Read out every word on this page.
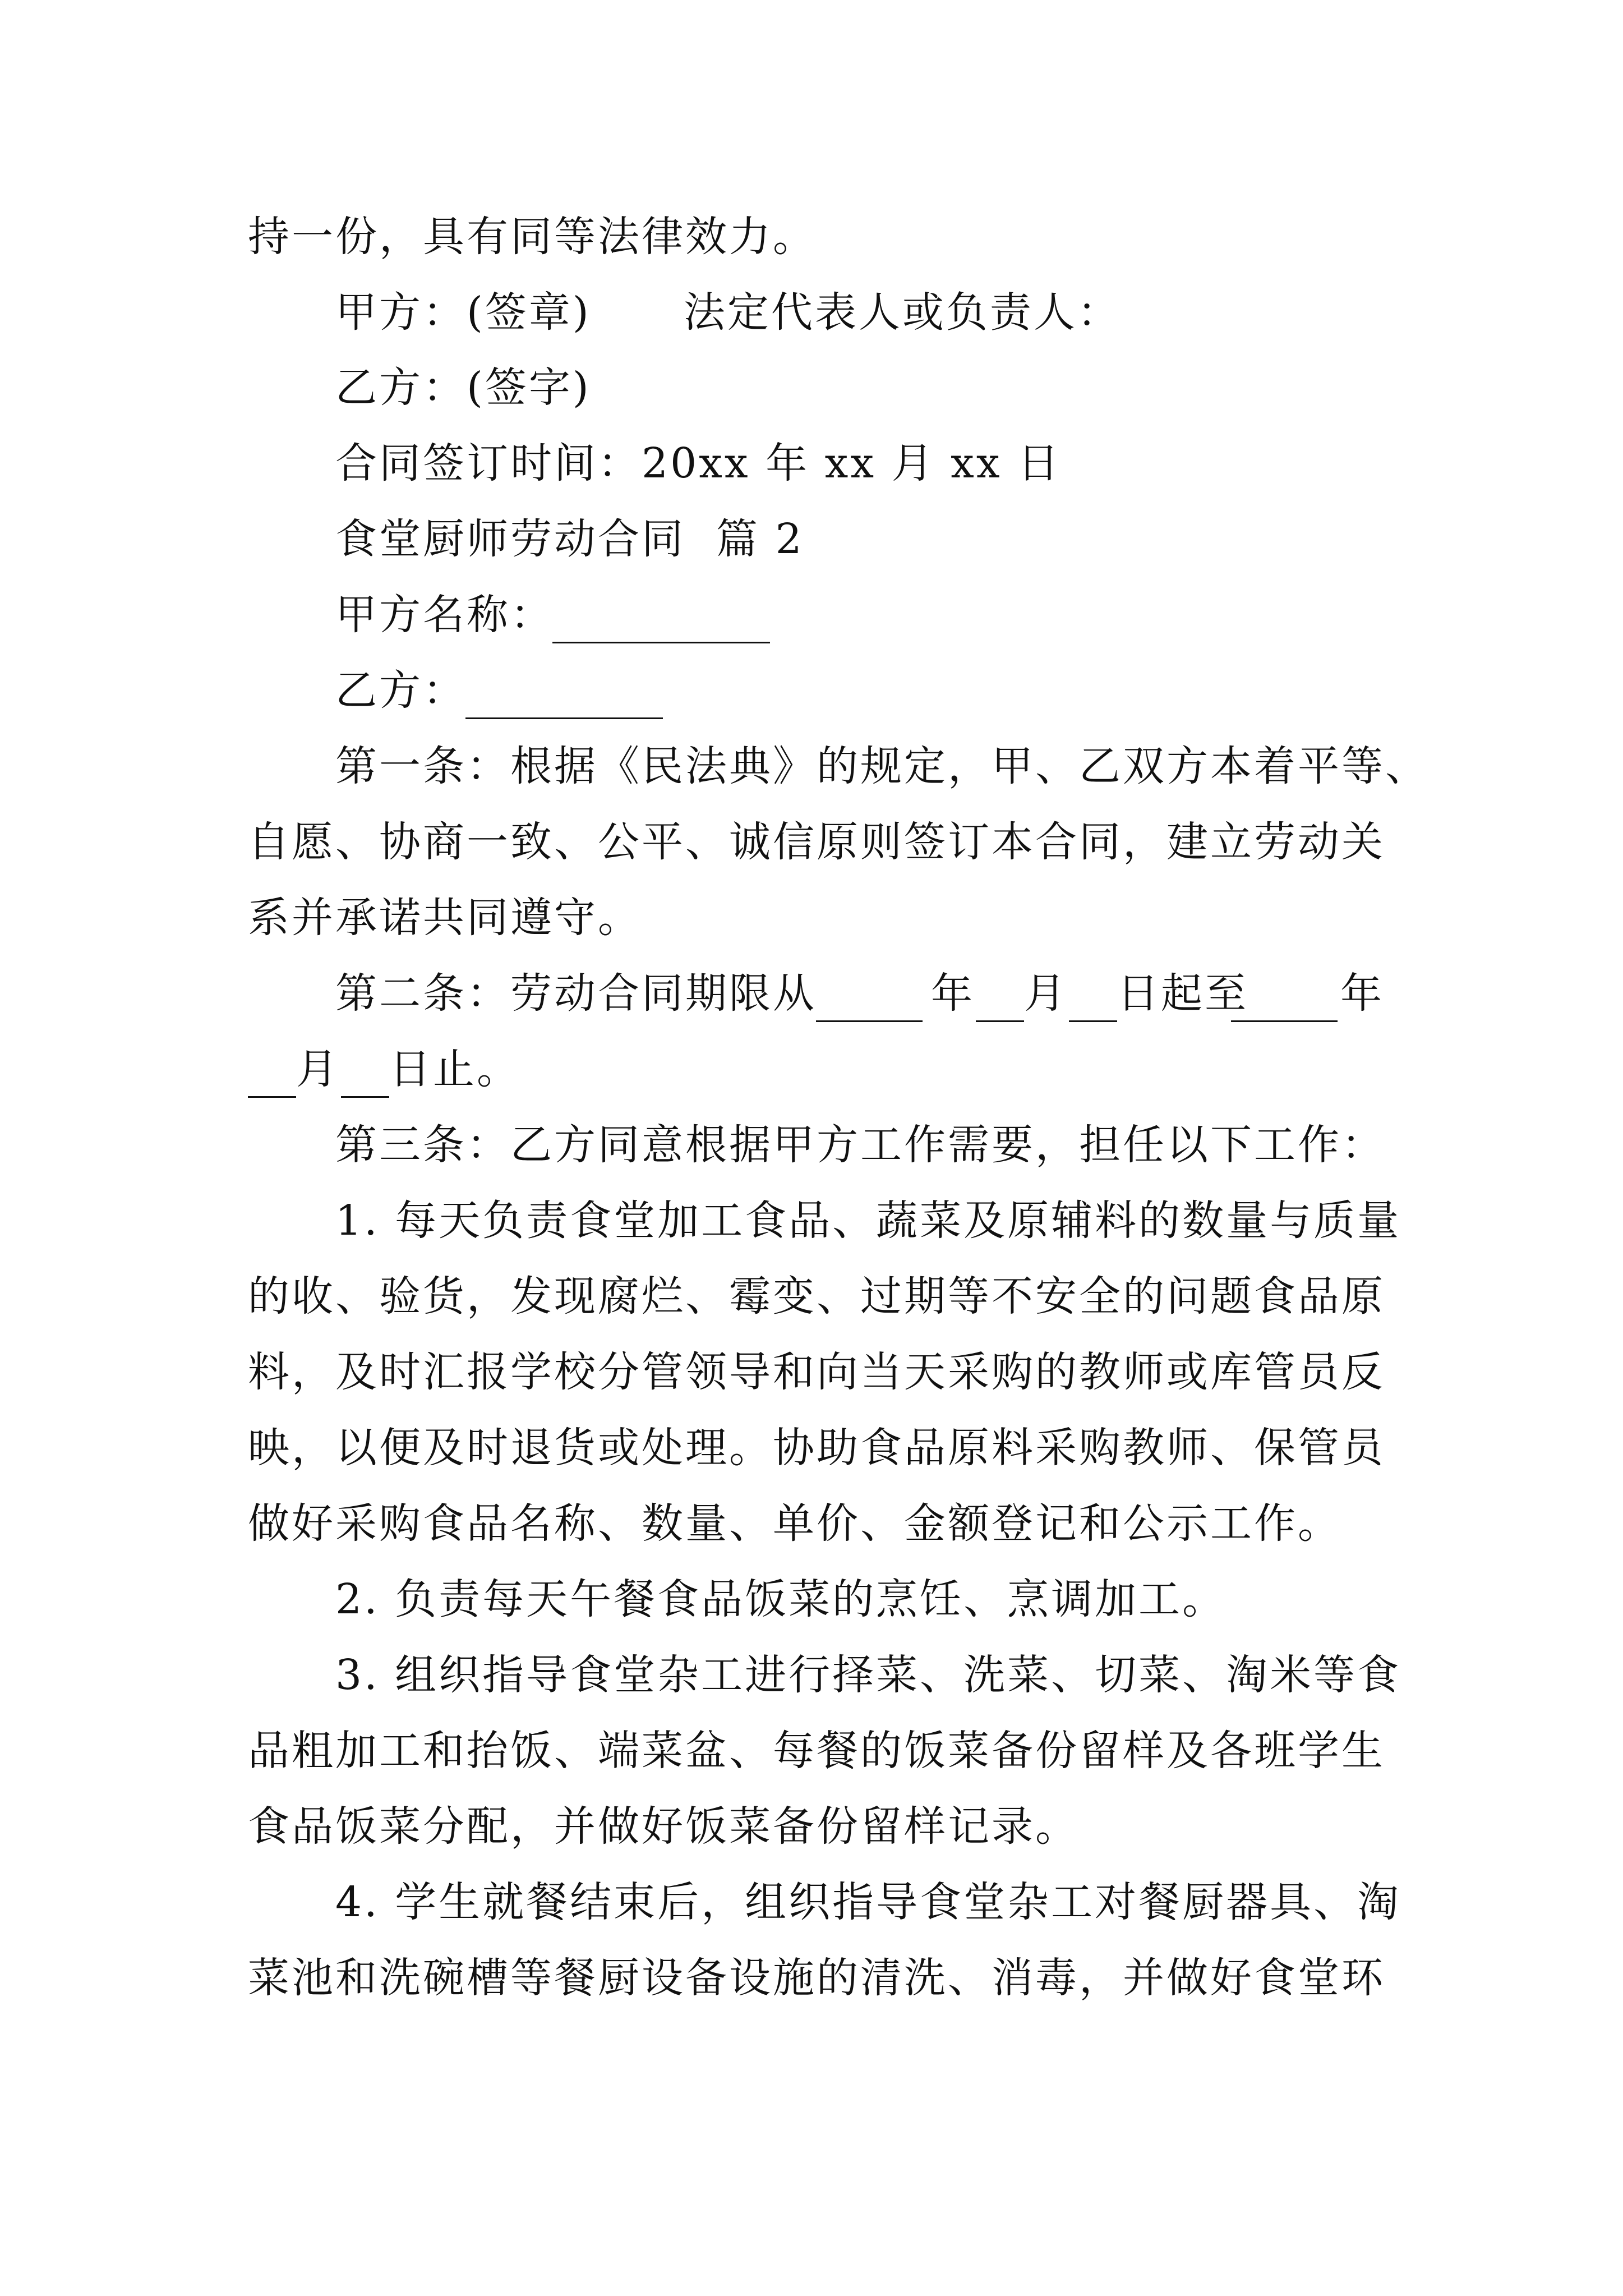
持一份，具有同等法律效力。
甲方：(签章)      法定代表人或负责人：
乙方：(签字)
合同签订时间：20xx 年 xx 月 xx 日
食堂厨师劳动合同  篇 2
甲方名称：
乙方：
第一条：根据《民法典》的规定，甲、乙双方本着平等、
自愿、协商一致、公平、诚信原则签订本合同，建立劳动关
系并承诺共同遵守。
第二条：劳动合同期限从	年 月 日起至 年
月 日止。
第三条：乙方同意根据甲方工作需要，担任以下工作：
1. 每天负责食堂加工食品、蔬菜及原辅料的数量与质量
的收、验货，发现腐烂、霉变、过期等不安全的问题食品原
料，及时汇报学校分管领导和向当天采购的教师或库管员反
映，以便及时退货或处理。协助食品原料采购教师、保管员
做好采购食品名称、数量、单价、金额登记和公示工作。
2. 负责每天午餐食品饭菜的烹饪、烹调加工。
3. 组织指导食堂杂工进行择菜、洗菜、切菜、淘米等食
品粗加工和抬饭、端菜盆、每餐的饭菜备份留样及各班学生
食品饭菜分配，并做好饭菜备份留样记录。
4. 学生就餐结束后，组织指导食堂杂工对餐厨器具、淘
菜池和洗碗槽等餐厨设备设施的清洗、消毒，并做好食堂环
